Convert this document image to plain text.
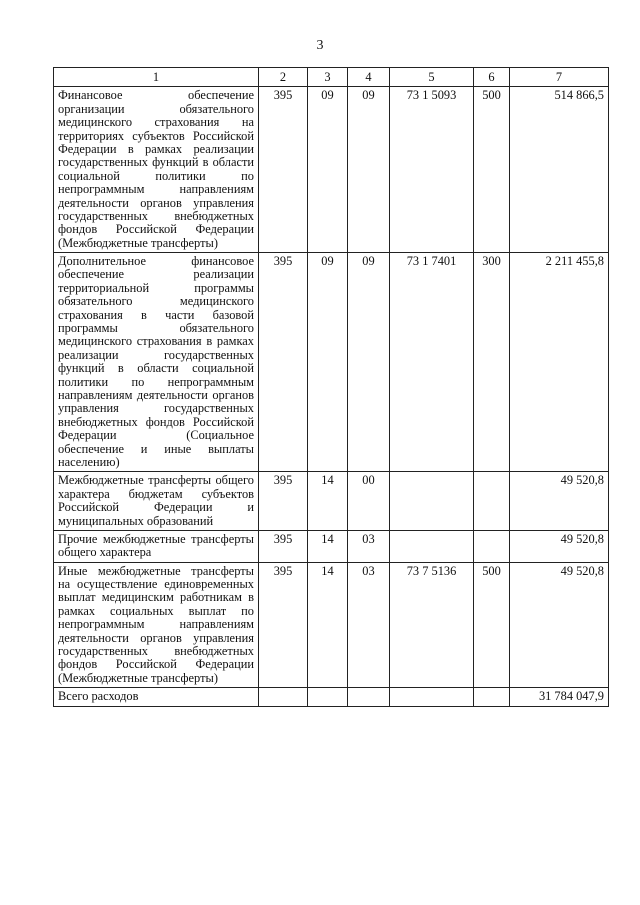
3
1	2	3	4	5	6	7
Финансовое обеспечение организации обязательного медицинского страхования на территориях субъектов Российской Федерации в рамках реализации государственных функций в области социальной политики по непрограммным направлениям деятельности органов управления государственных внебюджетных фондов Российской Федерации (Межбюджетные трансферты)	395	09	09	73 1 5093	500	514 866,5
Дополнительное финансовое обеспечение реализации территориальной программы обязательного медицинского страхования в части базовой программы обязательного медицинского страхования в рамках реализации государственных функций в области социальной политики по непрограммным направлениям деятельности органов управления государственных внебюджетных фондов Российской Федерации (Социальное обеспечение и иные выплаты населению)	395	09	09	73 1 7401	300	2 211 455,8
Межбюджетные трансферты общего характера бюджетам субъектов Российской Федерации и муниципальных образований	395	14	00			49 520,8
Прочие межбюджетные трансферты общего характера	395	14	03			49 520,8
Иные межбюджетные трансферты на осуществление единовременных выплат медицинским работникам в рамках социальных выплат по непрограммным направлениям деятельности органов управления государственных внебюджетных фондов Российской Федерации (Межбюджетные трансферты)	395	14	03	73 7 5136	500	49 520,8
Всего расходов						31 784 047,9
